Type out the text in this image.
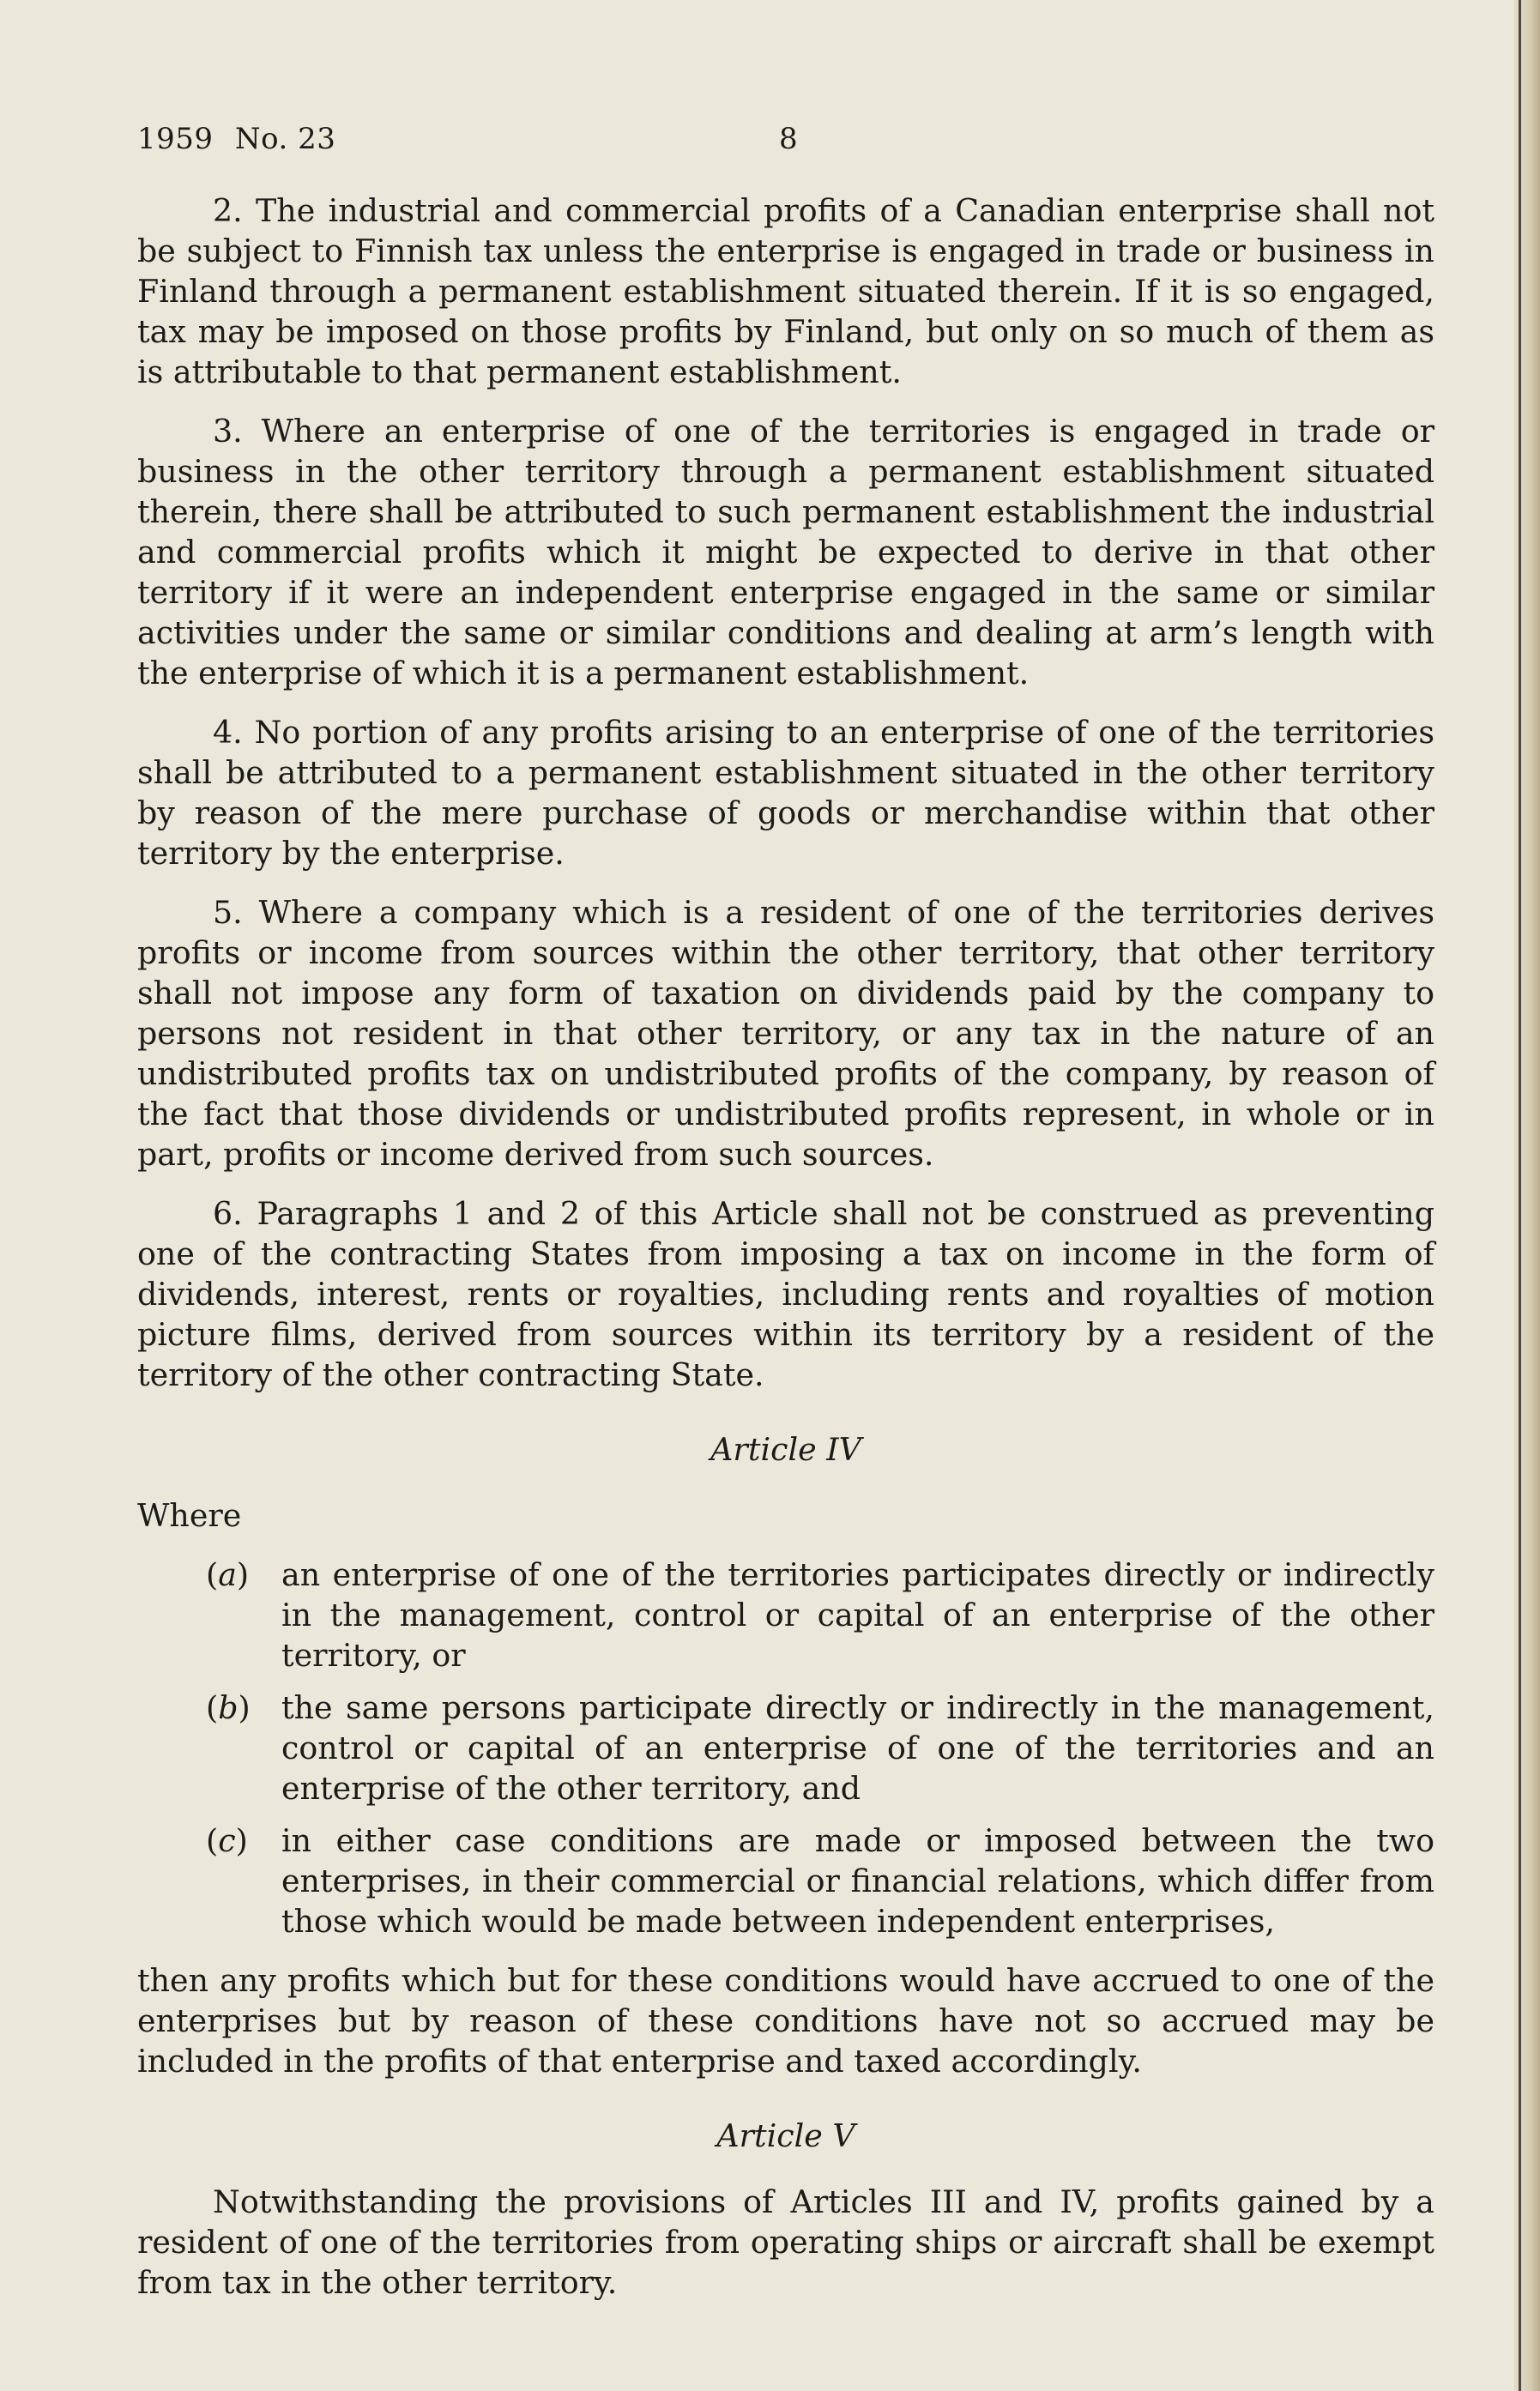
1959 No. 23	8

2. The industrial and commercial profits of a Canadian enterprise shall not be subject to Finnish tax unless the enterprise is engaged in trade or business in Finland through a permanent establishment situated therein. If it is so engaged, tax may be imposed on those profits by Finland, but only on so much of them as is attributable to that permanent establishment.

3. Where an enterprise of one of the territories is engaged in trade or business in the other territory through a permanent establishment situated therein, there shall be attributed to such permanent establishment the industrial and commercial profits which it might be expected to derive in that other territory if it were an independent enterprise engaged in the same or similar activities under the same or similar conditions and dealing at arm’s length with the enterprise of which it is a permanent establishment.

4. No portion of any profits arising to an enterprise of one of the territories shall be attributed to a permanent establishment situated in the other territory by reason of the mere purchase of goods or merchandise within that other territory by the enterprise.

5. Where a company which is a resident of one of the territories derives profits or income from sources within the other territory, that other territory shall not impose any form of taxation on dividends paid by the company to persons not resident in that other territory, or any tax in the nature of an undistributed profits tax on undistributed profits of the company, by reason of the fact that those dividends or undistributed profits represent, in whole or in part, profits or income derived from such sources.

6. Paragraphs 1 and 2 of this Article shall not be construed as preventing one of the contracting States from imposing a tax on income in the form of dividends, interest, rents or royalties, including rents and royalties of motion picture films, derived from sources within its territory by a resident of the territory of the other contracting State.

Article IV
Where
(a)	an enterprise of one of the territories participates directly or indirectly in the management, control or capital of an enterprise of the other territory, or
(b) the same persons participate directly or indirectly in the management, control or capital of an enterprise of one of the territories and an enterprise of the other territory, and
(c)	in either case conditions are made or imposed between the two enterprises, in their commercial or financial relations, which differ from those which would be made between independent enterprises,

then any profits which but for these conditions would have accrued to one of the enterprises but by reason of these conditions have not so accrued may be included in the profits of that enterprise and taxed accordingly.

Article V

Notwithstanding the provisions of Articles III and IV, profits gained by a resident of one of the territories from operating ships or aircraft shall be exempt from tax in the other territory.
